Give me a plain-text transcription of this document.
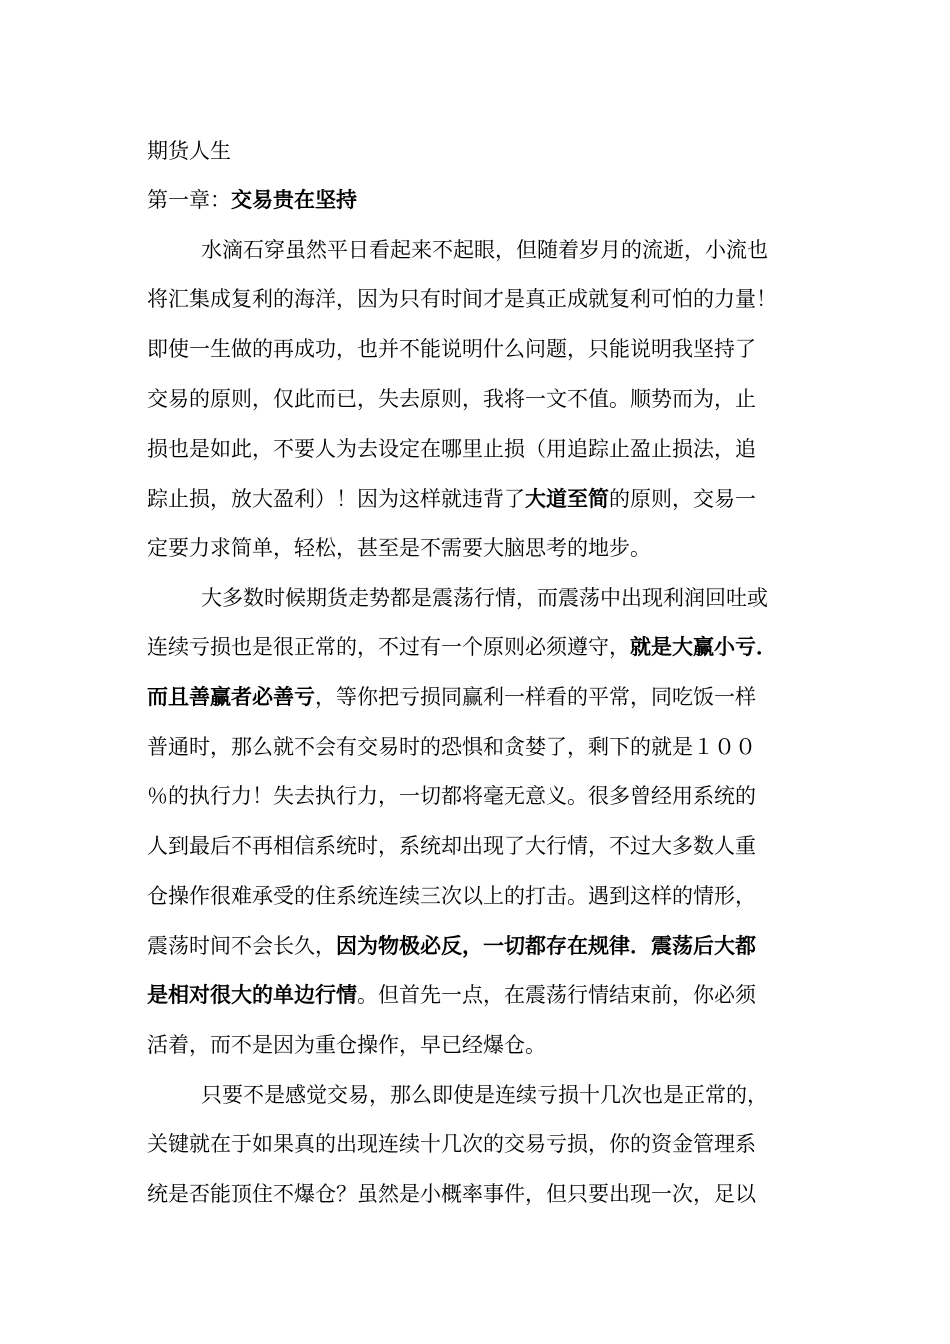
期货人生
第一章：交易贵在坚持
水滴石穿虽然平日看起来不起眼，但随着岁月的流逝，小流也
将汇集成复利的海洋，因为只有时间才是真正成就复利可怕的力量！
即使一生做的再成功，也并不能说明什么问题，只能说明我坚持了
交易的原则，仅此而已，失去原则，我将一文不值。顺势而为，止
损也是如此，不要人为去设定在哪里止损（用追踪止盈止损法，追
踪止损，放大盈利）！因为这样就违背了大道至简的原则，交易一
定要力求简单，轻松，甚至是不需要大脑思考的地步。
大多数时候期货走势都是震荡行情，而震荡中出现利润回吐或
连续亏损也是很正常的，不过有一个原则必须遵守，就是大赢小亏．
而且善赢者必善亏，等你把亏损同赢利一样看的平常，同吃饭一样
普通时，那么就不会有交易时的恐惧和贪婪了，剩下的就是１００
％的执行力！失去执行力，一切都将毫无意义。很多曾经用系统的
人到最后不再相信系统时，系统却出现了大行情，不过大多数人重
仓操作很难承受的住系统连续三次以上的打击。遇到这样的情形，
震荡时间不会长久，因为物极必反，一切都存在规律．震荡后大都
是相对很大的单边行情。但首先一点，在震荡行情结束前，你必须
活着，而不是因为重仓操作，早已经爆仓。
只要不是感觉交易，那么即使是连续亏损十几次也是正常的，
关键就在于如果真的出现连续十几次的交易亏损，你的资金管理系
统是否能顶住不爆仓？虽然是小概率事件，但只要出现一次，足以
